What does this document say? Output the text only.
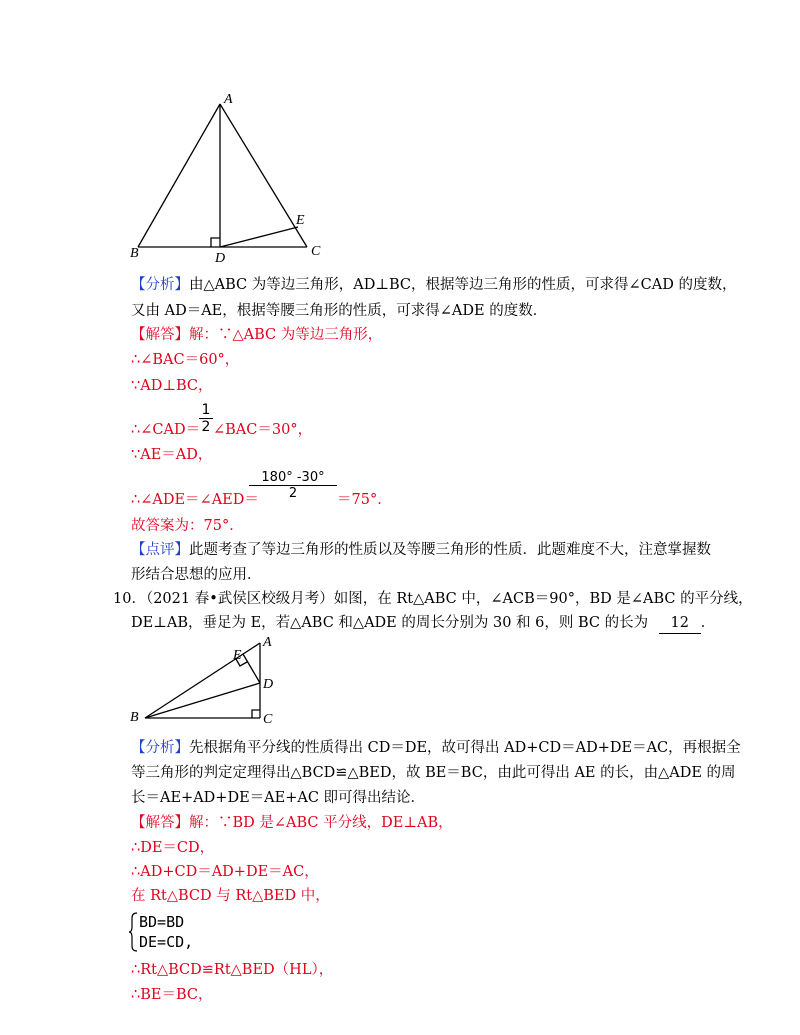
A
B	C
D
E
【分析】由△ABC 为等边三角形，AD⊥BC，根据等边三角形的性质，可求得∠CAD 的度数，
又由 AD＝AE，根据等腰三角形的性质，可求得∠ADE 的度数．
【解答】解：∵△ABC 为等边三角形，
∴∠BAC＝60°，
∵AD⊥BC，
∴∠CAD＝
$\frac{1}{2}$ ∠BAC＝30°，
∵AE＝AD，
∴∠ADE＝∠AED＝
$\frac{180^\circ -30^\circ}{2} =75^\circ$．
故答案为：75°．
【点评】此题考查了等边三角形的性质以及等腰三角形的性质．此题难度不大，注意掌握数
形结合思想的应用．
10．（2021 春•武侯区校级月考）如图，在 Rt△ABC 中，∠ACB＝90°，BD 是∠ABC 的平分线，
DE⊥AB，垂足为 E，若△ABC 和△ADE 的周长分别为 30 和 6，则 BC 的长为 12 ．
A
E
D
B	C
【分析】先根据角平分线的性质得出 CD＝DE，故可得出 AD+CD＝AD+DE＝AC，再根据全
等三角形的判定定理得出△BCD≌△BED，故 BE＝BC，由此可得出 AE 的长，由△ADE 的周
长＝AE+AD+DE＝AE+AC 即可得出结论．
【解答】解：∵BD 是∠ABC 平分线，DE⊥AB，
∴DE＝CD，
∴AD+CD＝AD+DE＝AC，
在 Rt△BCD 与 Rt△BED 中，
BD=BD
DE=CD,
∴Rt△BCD≌Rt△BED（HL），
∴BE＝BC，
